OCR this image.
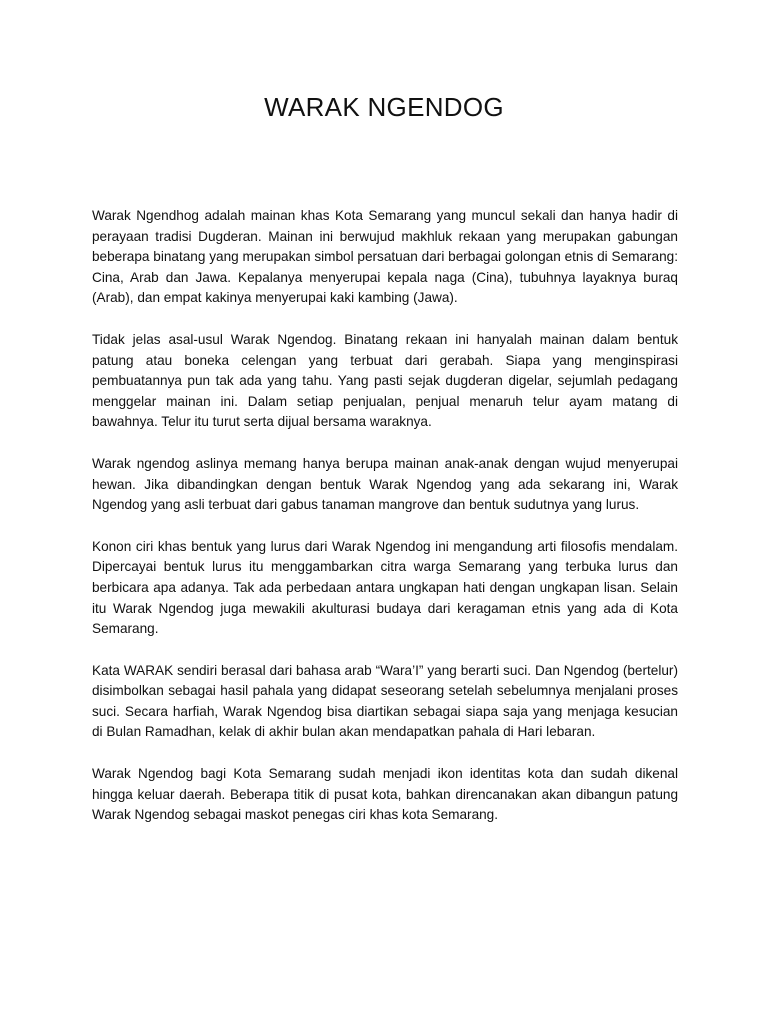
WARAK NGENDOG

Warak Ngendhog adalah mainan khas Kota Semarang yang muncul sekali dan hanya hadir di perayaan tradisi Dugderan. Mainan ini berwujud makhluk rekaan yang merupakan gabungan beberapa binatang yang merupakan simbol persatuan dari berbagai golongan etnis di Semarang: Cina, Arab dan Jawa. Kepalanya menyerupai kepala naga (Cina), tubuhnya layaknya buraq (Arab), dan empat kakinya menyerupai kaki kambing (Jawa).

Tidak jelas asal-usul Warak Ngendog. Binatang rekaan ini hanyalah mainan dalam bentuk patung atau boneka celengan yang terbuat dari gerabah. Siapa yang menginspirasi pembuatannya pun tak ada yang tahu. Yang pasti sejak dugderan digelar, sejumlah pedagang menggelar mainan ini. Dalam setiap penjualan, penjual menaruh telur ayam matang di bawahnya. Telur itu turut serta dijual bersama waraknya.

Warak ngendog aslinya memang hanya berupa mainan anak-anak dengan wujud menyerupai hewan. Jika dibandingkan dengan bentuk Warak Ngendog yang ada sekarang ini, Warak Ngendog yang asli terbuat dari gabus tanaman mangrove dan bentuk sudutnya yang lurus.

Konon ciri khas bentuk yang lurus dari Warak Ngendog ini mengandung arti filosofis mendalam. Dipercayai bentuk lurus itu menggambarkan citra warga Semarang yang terbuka lurus dan berbicara apa adanya. Tak ada perbedaan antara ungkapan hati dengan ungkapan lisan. Selain itu Warak Ngendog juga mewakili akulturasi budaya dari keragaman etnis yang ada di Kota Semarang.

Kata WARAK sendiri berasal dari bahasa arab “Wara’I” yang berarti suci. Dan Ngendog (bertelur) disimbolkan sebagai hasil pahala yang didapat seseorang setelah sebelumnya menjalani proses suci. Secara harfiah, Warak Ngendog bisa diartikan sebagai siapa saja yang menjaga kesucian di Bulan Ramadhan, kelak di akhir bulan akan mendapatkan pahala di Hari lebaran.

Warak Ngendog bagi Kota Semarang sudah menjadi ikon identitas kota dan sudah dikenal hingga keluar daerah. Beberapa titik di pusat kota, bahkan direncanakan akan dibangun patung Warak Ngendog sebagai maskot penegas ciri khas kota Semarang.
